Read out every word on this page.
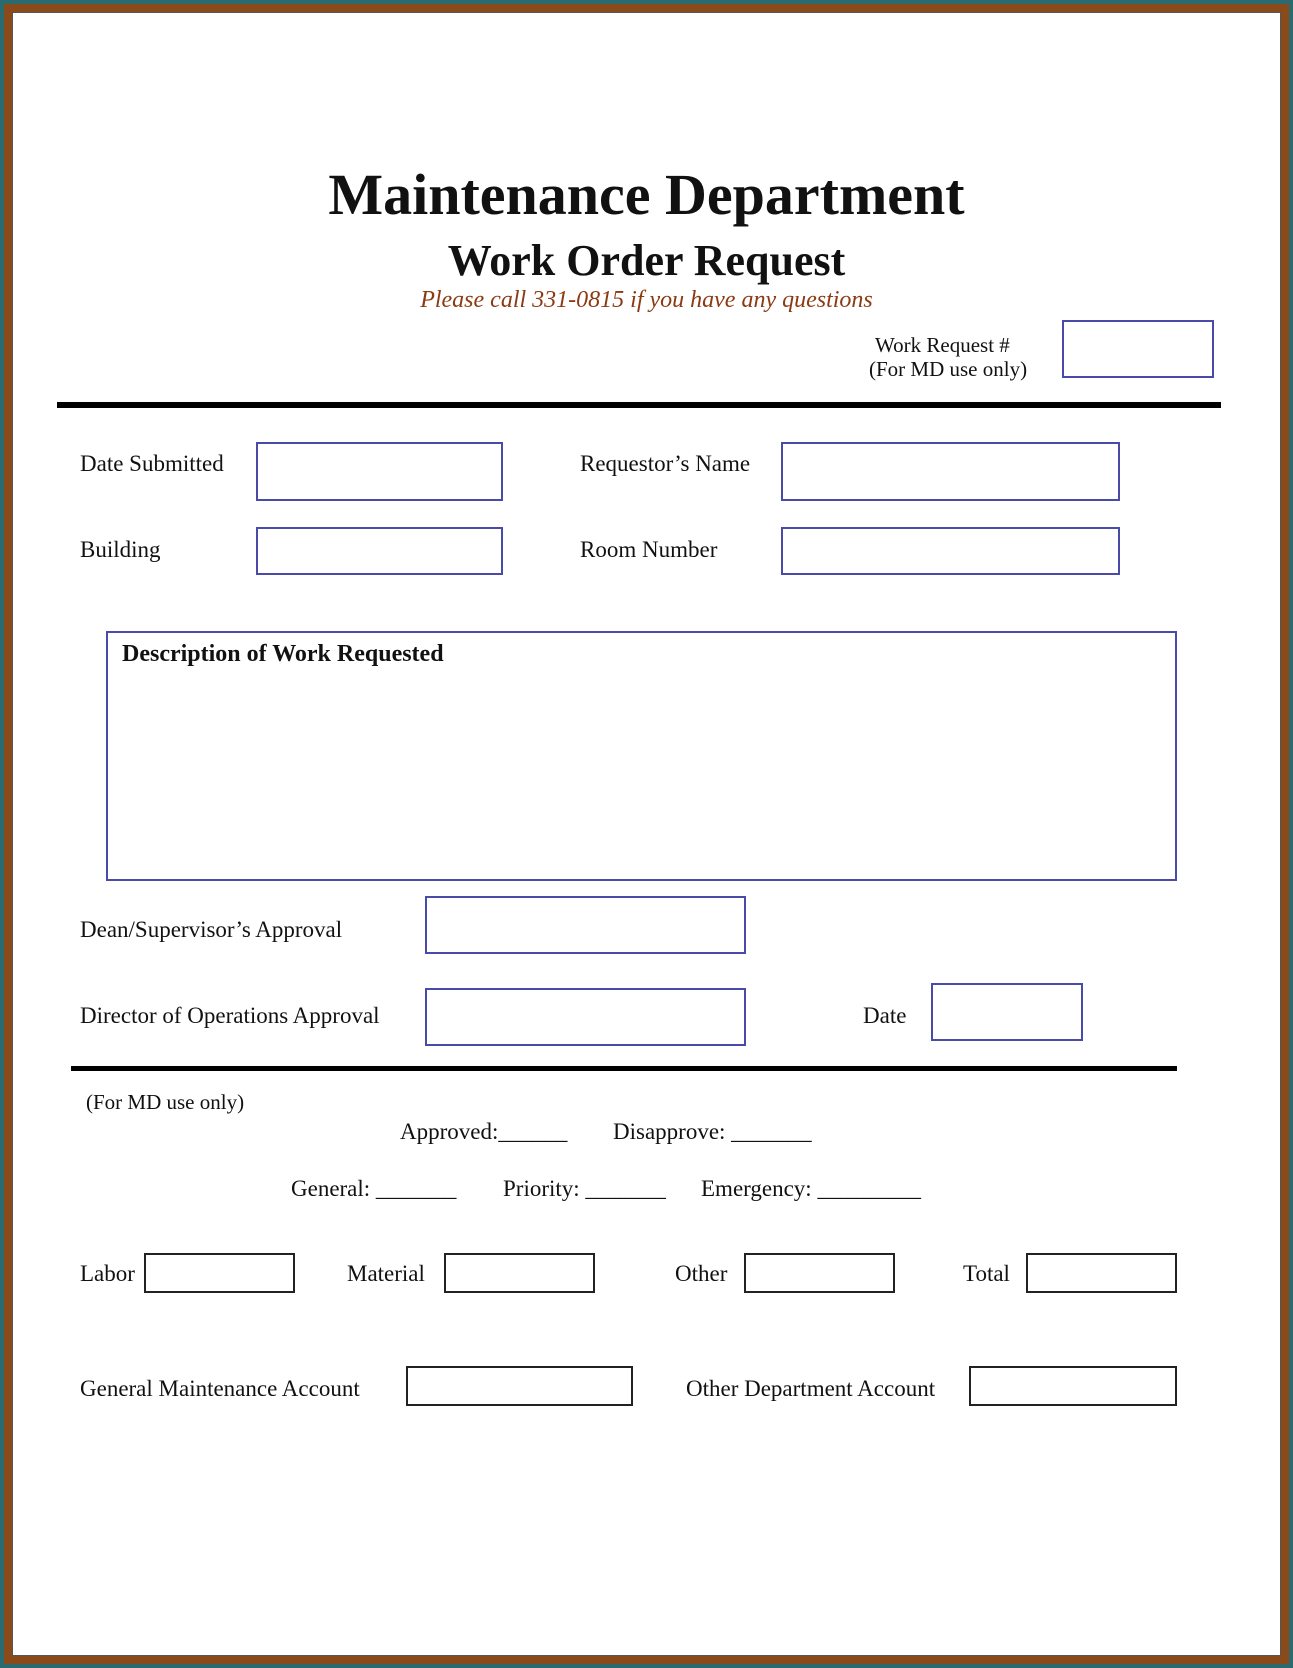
Maintenance Department
Work Order Request
Please call 331-0815 if you have any questions
Work Request #
(For MD use only)
Date Submitted	Requestor’s Name
Building	Room Number
Description of Work Requested
Dean/Supervisor’s Approval
Director of Operations Approval	Date
(For MD use only)
Approved:______ Disapprove: _______
General: _______ Priority: _______ Emergency: _________
Labor	Material	Other	Total
General Maintenance Account	Other Department Account
